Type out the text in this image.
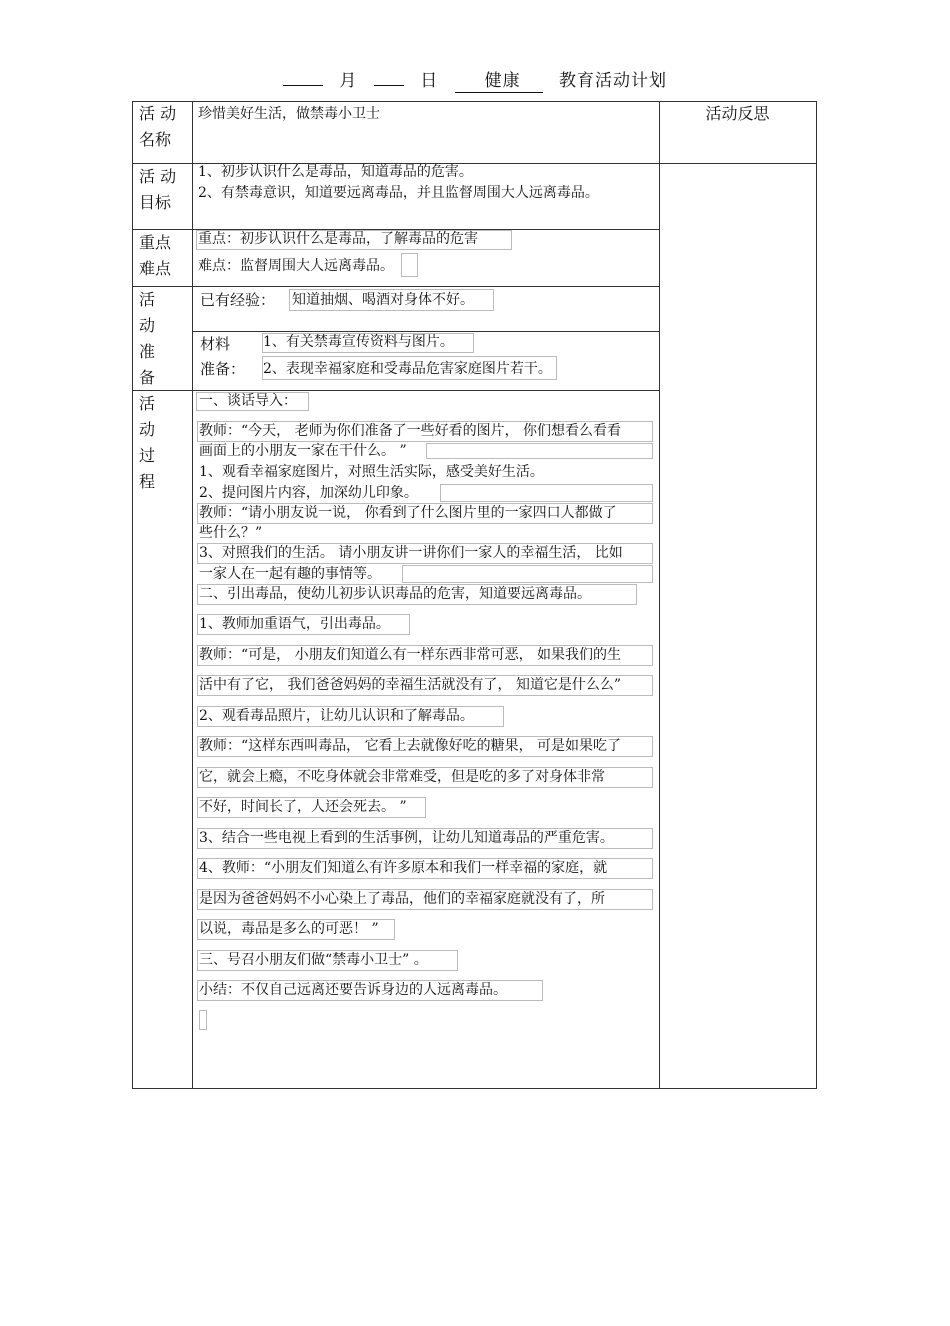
月	日	健康 教育活动计划
活 动 名称
活 动 目标
重点 难点
活 动 准 备
活 动 过 程
活动反思
珍惜美好生活，做禁毒小卫士
1、初步认识什么是毒品，知道毒品的危害。
2、有禁毒意识，知道要远离毒品，并且监督周围大人远离毒品。
重点：初步认识什么是毒品，了解毒品的危害
难点：监督周围大人远离毒品。
已有经验： 知道抽烟、喝酒对身体不好。
材料
准备：
1、有关禁毒宣传资料与图片。
2、表现幸福家庭和受毒品危害家庭图片若干。
一、谈话导入：
教师：“今天， 老师为你们准备了一些好看的图片， 你们想看么看看
画面上的小朋友一家在干什么。 ”
1、观看幸福家庭图片，对照生活实际，感受美好生活。
2、提问图片内容，加深幼儿印象。
教师：“请小朋友说一说， 你看到了什么图片里的一家四口人都做了
些什么？”
3、对照我们的生活。 请小朋友讲一讲你们一家人的幸福生活， 比如
一家人在一起有趣的事情等。
二、引出毒品，使幼儿初步认识毒品的危害，知道要远离毒品。
1、教师加重语气，引出毒品。
教师：“可是， 小朋友们知道么有一样东西非常可恶， 如果我们的生
活中有了它， 我们爸爸妈妈的幸福生活就没有了， 知道它是什么么”
2、观看毒品照片，让幼儿认识和了解毒品。
教师：“这样东西叫毒品， 它看上去就像好吃的糖果， 可是如果吃了
它，就会上瘾，不吃身体就会非常难受，但是吃的多了对身体非常
不好，时间长了，人还会死去。 ”
3、结合一些电视上看到的生活事例，让幼儿知道毒品的严重危害。
4、教师：“小朋友们知道么有许多原本和我们一样幸福的家庭，就
是因为爸爸妈妈不小心染上了毒品，他们的幸福家庭就没有了，所
以说，毒品是多么的可恶！ ”
三、号召小朋友们做“禁毒小卫士” 。
小结：不仅自己远离还要告诉身边的人远离毒品。
